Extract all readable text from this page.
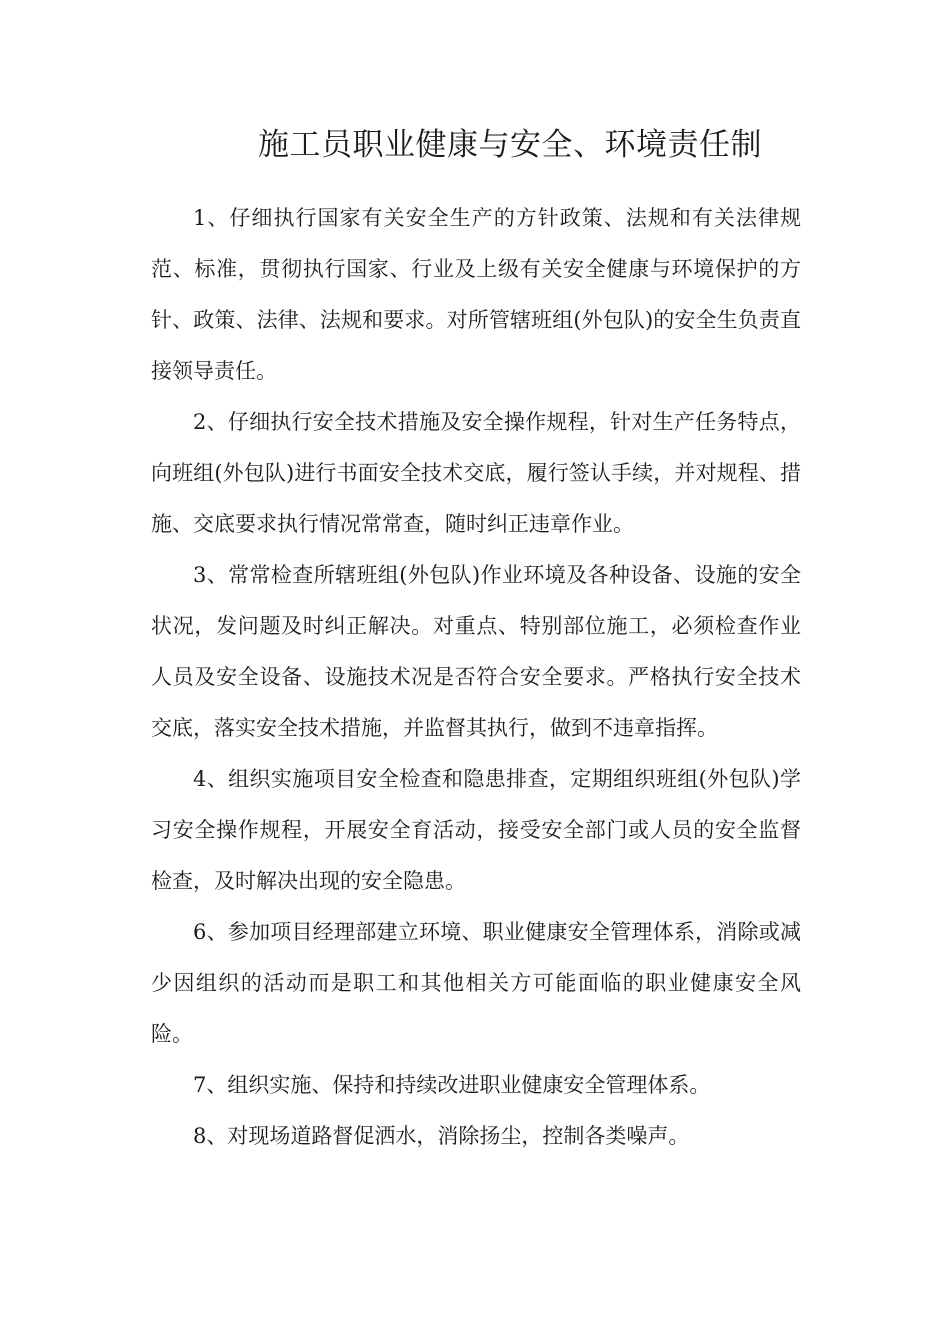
施工员职业健康与安全、环境责任制

1、仔细执行国家有关安全生产的方针政策、法规和有关法律规范、标准，贯彻执行国家、行业及上级有关安全健康与环境保护的方针、政策、法律、法规和要求。对所管辖班组(外包队)的安全生负责直接领导责任。

2、仔细执行安全技术措施及安全操作规程，针对生产任务特点，向班组(外包队)进行书面安全技术交底，履行签认手续，并对规程、措施、交底要求执行情况常常查，随时纠正违章作业。

3、常常检查所辖班组(外包队)作业环境及各种设备、设施的安全状况，发问题及时纠正解决。对重点、特别部位施工，必须检查作业人员及安全设备、设施技术况是否符合安全要求。严格执行安全技术交底，落实安全技术措施，并监督其执行，做到不违章指挥。

4、组织实施项目安全检查和隐患排查，定期组织班组(外包队)学习安全操作规程，开展安全育活动，接受安全部门或人员的安全监督检查，及时解决出现的安全隐患。

6、参加项目经理部建立环境、职业健康安全管理体系，消除或减少因组织的活动而是职工和其他相关方可能面临的职业健康安全风险。

7、组织实施、保持和持续改进职业健康安全管理体系。

8、对现场道路督促洒水，消除扬尘，控制各类噪声。
